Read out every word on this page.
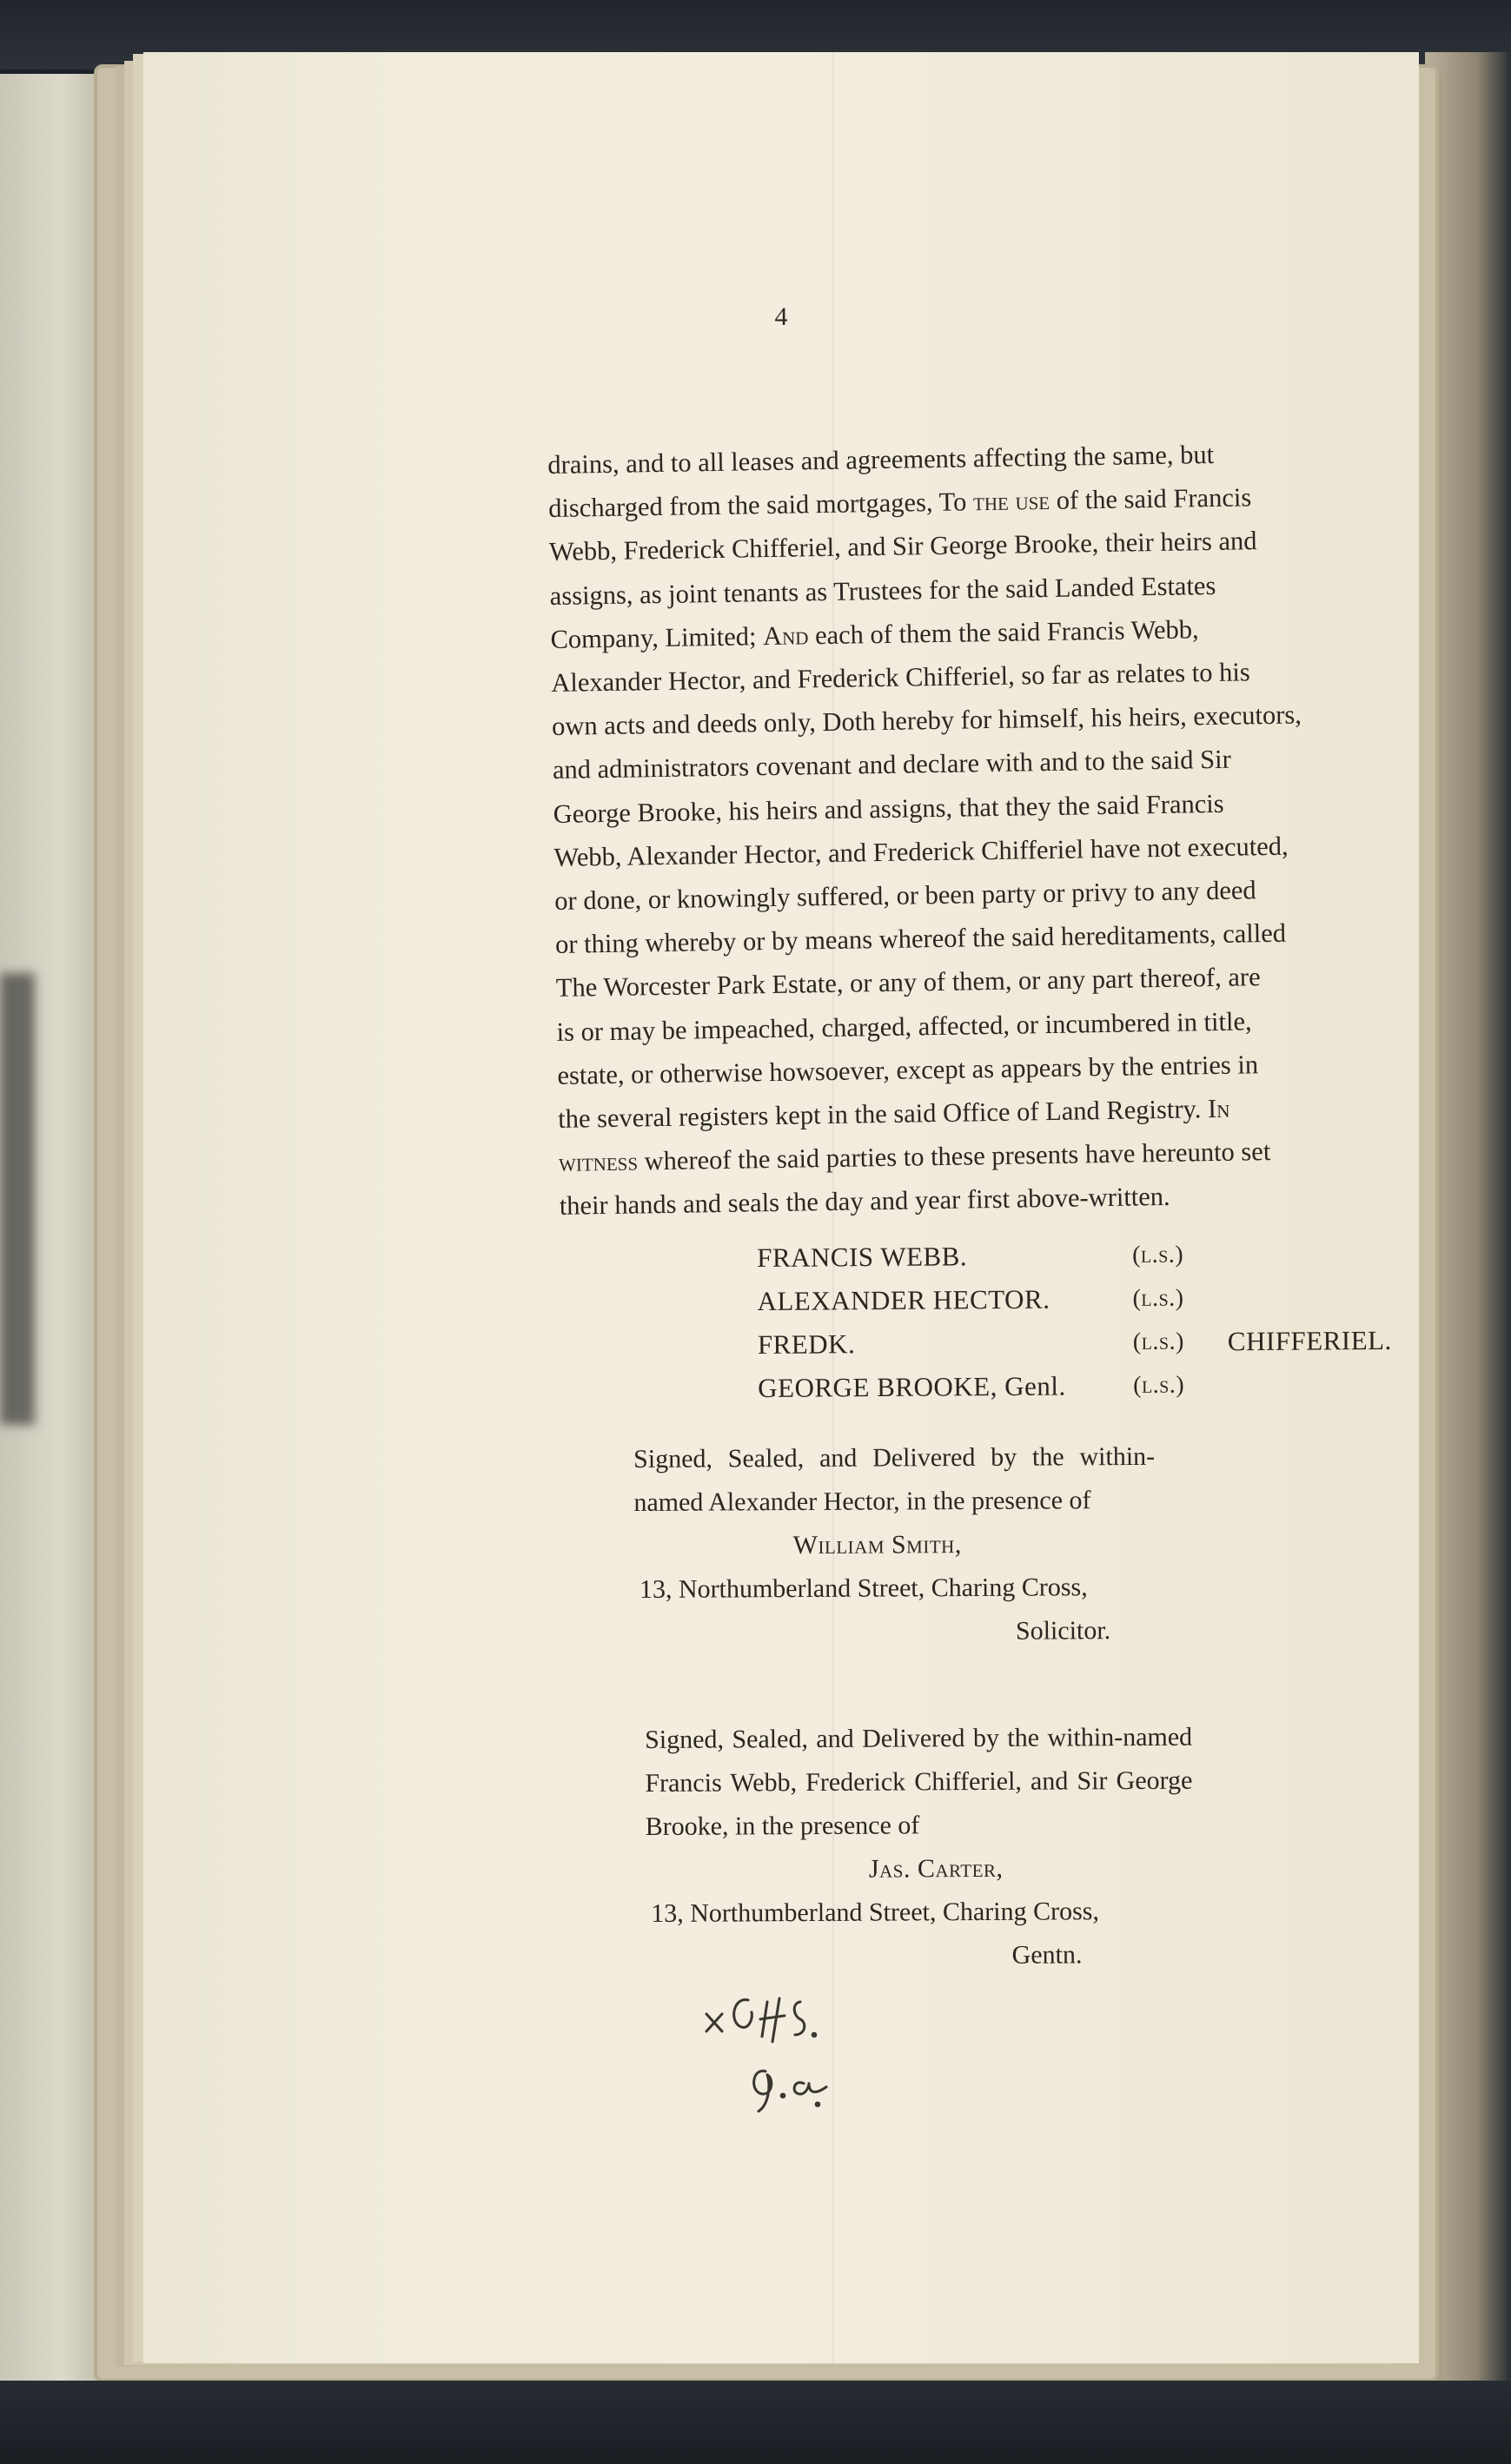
4

drains, and to all leases and agreements affecting the same, but

discharged from the said mortgages, To the use of the said Francis

Webb, Frederick Chifferiel, and Sir George Brooke, their heirs and

assigns, as joint tenants as Trustees for the said Landed Estates

Company, Limited; And each of them the said Francis Webb,

Alexander Hector, and Frederick Chifferiel, so far as relates to his

own acts and deeds only, Doth hereby for himself, his heirs, executors,

and administrators covenant and declare with and to the said Sir

George Brooke, his heirs and assigns, that they the said Francis

Webb, Alexander Hector, and Frederick Chifferiel have not executed,

or done, or knowingly suffered, or been party or privy to any deed

or thing whereby or by means whereof the said hereditaments, called

The Worcester Park Estate, or any of them, or any part thereof, are

is or may be impeached, charged, affected, or incumbered in title,

estate, or otherwise howsoever, except as appears by the entries in

the several registers kept in the said Office of Land Registry. In

witness whereof the said parties to these presents have hereunto set

their hands and seals the day and year first above-written.

FRANCIS WEBB.	(l.s.)
ALEXANDER HECTOR.	(l.s.)
FREDK.	(l.s.) CHIFFERIEL.
GEORGE BROOKE, Genl.	(l.s.)
Signed, Sealed, and Delivered by the within-named Alexander Hector, in the presence of
William Smith,
13, Northumberland Street, Charing Cross,
Solicitor.
Signed, Sealed, and Delivered by the within-named Francis Webb, Frederick Chifferiel, and Sir George Brooke, in the presence of
Jas. Carter,
13, Northumberland Street, Charing Cross,
Gentn.
